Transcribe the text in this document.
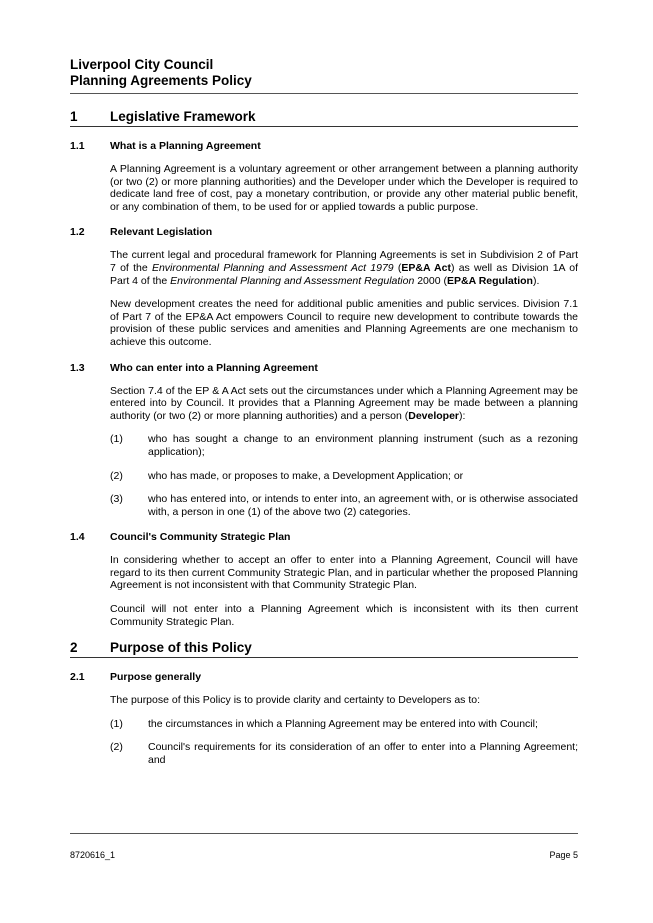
Liverpool City Council
Planning Agreements Policy
1	Legislative Framework
1.1	What is a Planning Agreement
A Planning Agreement is a voluntary agreement or other arrangement between a planning authority (or two (2) or more planning authorities) and the Developer under which the Developer is required to dedicate land free of cost, pay a monetary contribution, or provide any other material public benefit, or any combination of them, to be used for or applied towards a public purpose.
1.2	Relevant Legislation
The current legal and procedural framework for Planning Agreements is set in Subdivision 2 of Part 7 of the Environmental Planning and Assessment Act 1979 (EP&A Act) as well as Division 1A of Part 4 of the Environmental Planning and Assessment Regulation 2000 (EP&A Regulation).
New development creates the need for additional public amenities and public services. Division 7.1 of Part 7 of the EP&A Act empowers Council to require new development to contribute towards the provision of these public services and amenities and Planning Agreements are one mechanism to achieve this outcome.
1.3	Who can enter into a Planning Agreement
Section 7.4 of the EP & A Act sets out the circumstances under which a Planning Agreement may be entered into by Council. It provides that a Planning Agreement may be made between a planning authority (or two (2) or more planning authorities) and a person (Developer):
(1)	who has sought a change to an environment planning instrument (such as a rezoning application);
(2)	who has made, or proposes to make, a Development Application; or
(3)	who has entered into, or intends to enter into, an agreement with, or is otherwise associated with, a person in one (1) of the above two (2) categories.
1.4	Council's Community Strategic Plan
In considering whether to accept an offer to enter into a Planning Agreement, Council will have regard to its then current Community Strategic Plan, and in particular whether the proposed Planning Agreement is not inconsistent with that Community Strategic Plan.
Council will not enter into a Planning Agreement which is inconsistent with its then current Community Strategic Plan.
2	Purpose of this Policy
2.1	Purpose generally
The purpose of this Policy is to provide clarity and certainty to Developers as to:
(1)	the circumstances in which a Planning Agreement may be entered into with Council;
(2)	Council's requirements for its consideration of an offer to enter into a Planning Agreement; and
8720616_1	Page 5
